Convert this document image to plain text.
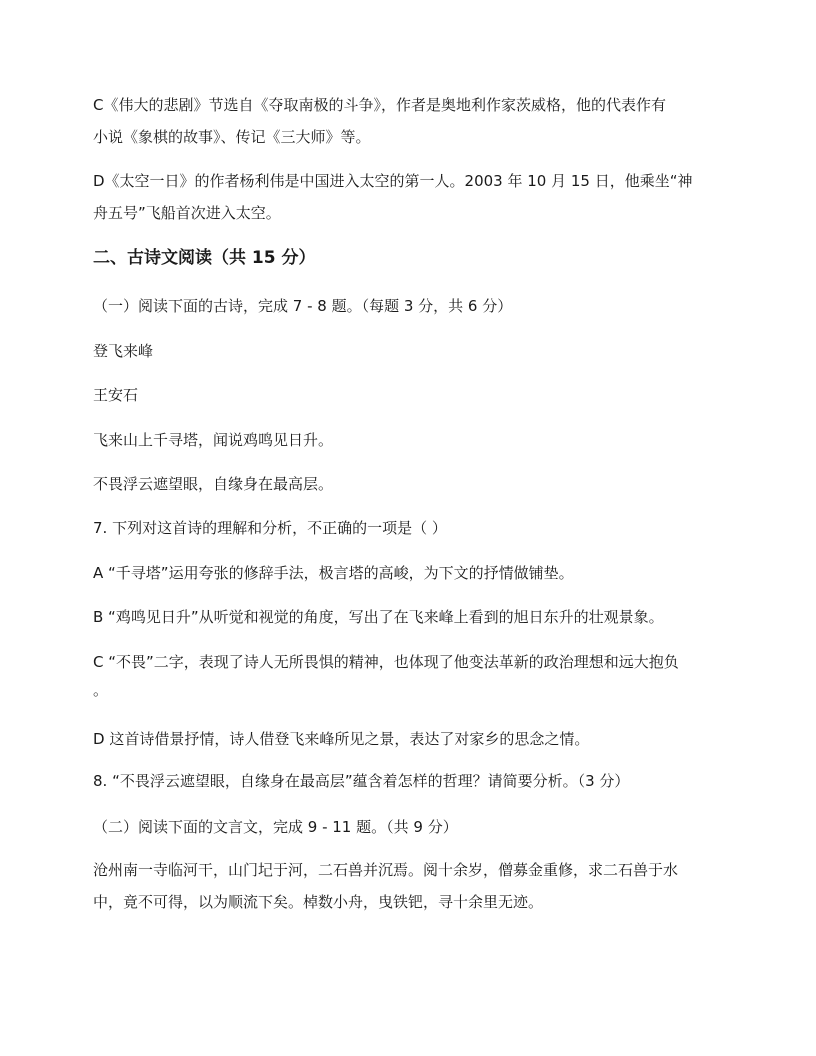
C《伟大的悲剧》节选自《夺取南极的斗争》，作者是奥地利作家茨威格，他的代表作有

小说《象棋的故事》、传记《三大师》等。

D《太空一日》的作者杨利伟是中国进入太空的第一人。2003 年 10 月 15 日，他乘坐“神

舟五号”飞船首次进入太空。

二、古诗文阅读（共 15 分）

（一）阅读下面的古诗，完成 7 - 8 题。（每题 3 分，共 6 分）

登飞来峰

王安石

飞来山上千寻塔，闻说鸡鸣见日升。

不畏浮云遮望眼，自缘身在最高层。

7. 下列对这首诗的理解和分析，不正确的一项是（ ）

A “千寻塔”运用夸张的修辞手法，极言塔的高峻，为下文的抒情做铺垫。

B “鸡鸣见日升”从听觉和视觉的角度，写出了在飞来峰上看到的旭日东升的壮观景象。

C “不畏”二字，表现了诗人无所畏惧的精神，也体现了他变法革新的政治理想和远大抱负

。

D 这首诗借景抒情，诗人借登飞来峰所见之景，表达了对家乡的思念之情。

8. “不畏浮云遮望眼，自缘身在最高层”蕴含着怎样的哲理？请简要分析。（3 分）

（二）阅读下面的文言文，完成 9 - 11 题。（共 9 分）

沧州南一寺临河干，山门圮于河，二石兽并沉焉。阅十余岁，僧募金重修，求二石兽于水

中，竟不可得，以为顺流下矣。棹数小舟，曳铁钯，寻十余里无迹。
